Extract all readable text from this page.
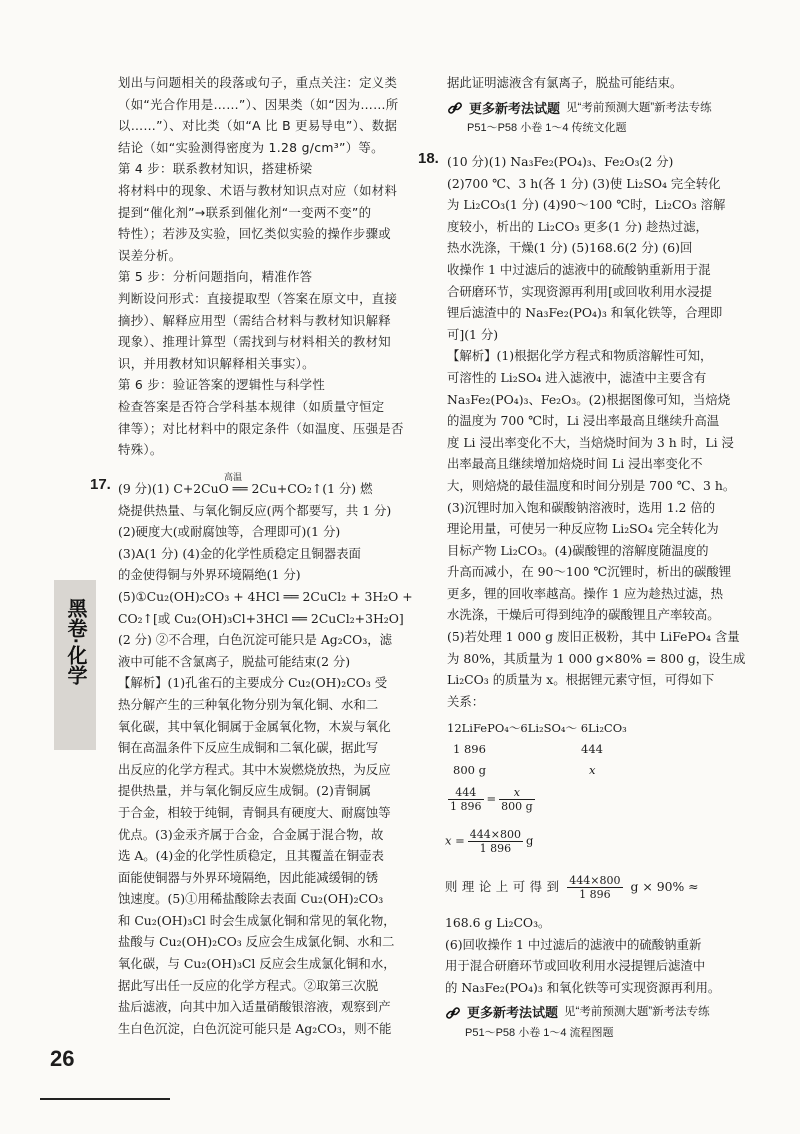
划出与问题相关的段落或句子，重点关注：定义类
（如“光合作用是……”）、因果类（如“因为……所
以……”）、对比类（如“A 比 B 更易导电”）、数据
结论（如“实验测得密度为 1.28 g/cm³”）等。
第 4 步：联系教材知识，搭建桥梁
将材料中的现象、术语与教材知识点对应（如材料
提到“催化剂”→联系到催化剂“一变两不变”的
特性）；若涉及实验，回忆类似实验的操作步骤或
误差分析。
第 5 步：分析问题指向，精准作答
判断设问形式：直接提取型（答案在原文中，直接
摘抄）、解释应用型（需结合材料与教材知识解释
现象）、推理计算型（需找到与材料相关的教材知
识，并用教材知识解释相关事实）。
第 6 步：验证答案的逻辑性与科学性
检查答案是否符合学科基本规律（如质量守恒定
律等）；对比材料中的限定条件（如温度、压强是否
特殊）。
17.	高温
(9 分)(1) C+2CuO ══ 2Cu+CO₂↑(1 分) 燃
烧提供热量、与氧化铜反应(两个都要写，共 1 分)
(2)硬度大(或耐腐蚀等，合理即可)(1 分)
(3)A(1 分) (4)金的化学性质稳定且铜器表面
的金使得铜与外界环境隔绝(1 分)
(5)①Cu₂(OH)₂CO₃ + 4HCl ══ 2CuCl₂ + 3H₂O +
CO₂↑[或 Cu₂(OH)₃Cl+3HCl ══ 2CuCl₂+3H₂O]
(2 分) ②不合理，白色沉淀可能只是 Ag₂CO₃，滤
液中可能不含氯离子，脱盐可能结束(2 分)
【解析】(1)孔雀石的主要成分 Cu₂(OH)₂CO₃ 受
热分解产生的三种氧化物分别为氧化铜、水和二
氧化碳，其中氧化铜属于金属氧化物，木炭与氧化
铜在高温条件下反应生成铜和二氧化碳，据此写
出反应的化学方程式。其中木炭燃烧放热，为反应
提供热量，并与氧化铜反应生成铜。(2)青铜属
于合金，相较于纯铜，青铜具有硬度大、耐腐蚀等
优点。(3)金汞齐属于合金，合金属于混合物，故
选 A。(4)金的化学性质稳定，且其覆盖在铜壶表
面能使铜器与外界环境隔绝，因此能减缓铜的锈
蚀速度。(5)①用稀盐酸除去表面 Cu₂(OH)₂CO₃
和 Cu₂(OH)₃Cl 时会生成氯化铜和常见的氧化物，
盐酸与 Cu₂(OH)₂CO₃ 反应会生成氯化铜、水和二
氧化碳，与 Cu₂(OH)₃Cl 反应会生成氯化铜和水，
据此写出任一反应的化学方程式。②取第三次脱
盐后滤液，向其中加入适量硝酸银溶液，观察到产
生白色沉淀，白色沉淀可能只是 Ag₂CO₃，则不能
黑卷·化学
26
据此证明滤液含有氯离子，脱盐可能结束。
更多新考法试题 见“考前预测大题”新考法专练
P51～P58 小卷 1～4 传统文化题
18. (10 分)(1) Na₃Fe₂(PO₄)₃、Fe₂O₃(2 分)
(2)700 ℃、3 h(各 1 分) (3)使 Li₂SO₄ 完全转化
为 Li₂CO₃(1 分) (4)90～100 ℃时，Li₂CO₃ 溶解
度较小，析出的 Li₂CO₃ 更多(1 分) 趁热过滤，
热水洗涤，干燥(1 分) (5)168.6(2 分) (6)回
收操作 1 中过滤后的滤液中的硫酸钠重新用于混
合研磨环节，实现资源再利用[或回收利用水浸提
锂后滤渣中的 Na₃Fe₂(PO₄)₃ 和氧化铁等，合理即
可](1 分)
【解析】(1)根据化学方程式和物质溶解性可知，
可溶性的 Li₂SO₄ 进入滤液中，滤渣中主要含有
Na₃Fe₂(PO₄)₃、Fe₂O₃。(2)根据图像可知，当焙烧
的温度为 700 ℃时，Li 浸出率最高且继续升高温
度 Li 浸出率变化不大，当焙烧时间为 3 h 时，Li 浸
出率最高且继续增加焙烧时间 Li 浸出率变化不
大，则焙烧的最佳温度和时间分别是 700 ℃、3 h。
(3)沉锂时加入饱和碳酸钠溶液时，选用 1.2 倍的
理论用量，可使另一种反应物 Li₂SO₄ 完全转化为
目标产物 Li₂CO₃。(4)碳酸锂的溶解度随温度的
升高而减小，在 90～100 ℃沉锂时，析出的碳酸锂
更多，锂的回收率越高。操作 1 应为趁热过滤，热
水洗涤，干燥后可得到纯净的碳酸锂且产率较高。
(5)若处理 1 000 g 废旧正极粉，其中 LiFePO₄ 含量
为 80%，其质量为 1 000 g×80% = 800 g，设生成
Li₂CO₃ 的质量为 x。根据锂元素守恒，可得如下
关系：
12LiFePO₄～6Li₂SO₄～ 6Li₂CO₃
1 896	444
800 g	x
$\frac{444}{1 896} = \frac{x}{800 g}$
$x = \frac{444\times 800}{1 896}$ g
则 理 论 上 可 得 到 $\frac{444\times 800}{1 896}$ g × 90% ≈
168.6 g Li₂CO₃。
(6)回收操作 1 中过滤后的滤液中的硫酸钠重新
用于混合研磨环节或回收利用水浸提锂后滤渣中
的 Na₃Fe₂(PO₄)₃ 和氧化铁等可实现资源再利用。
更多新考法试题 见“考前预测大题”新考法专练
P51～P58 小卷 1～4 流程图题
